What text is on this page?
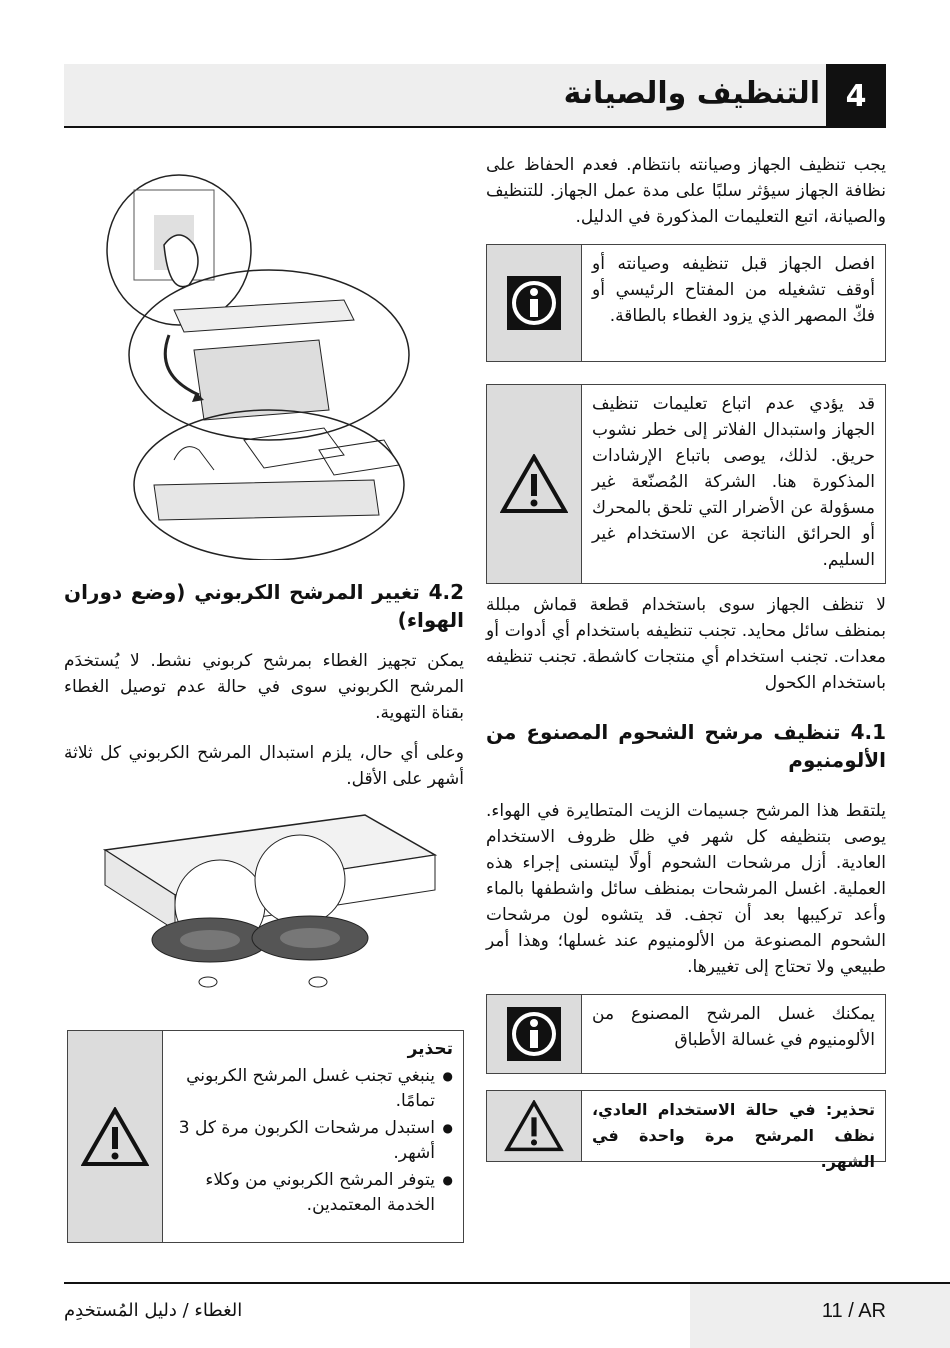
4
التنظيف والصيانة

يجب تنظيف الجهاز وصيانته بانتظام. فعدم الحفاظ على نظافة الجهاز سيؤثر سلبًا على مدة عمل الجهاز. للتنظيف والصيانة، اتبع التعليمات المذكورة في الدليل.

افصل الجهاز قبل تنظيفه وصيانته أو أوقف تشغيله من المفتاح الرئيسي أو فكّ المصهر الذي يزود الغطاء بالطاقة.
قد يؤدي عدم اتباع تعليمات تنظيف الجهاز واستبدال الفلاتر إلى خطر نشوب حريق. لذلك، يوصى باتباع الإرشادات المذكورة هنا. الشركة المُصنّعة غير مسؤولة عن الأضرار التي تلحق بالمحرك أو الحرائق الناتجة عن الاستخدام غير السليم.

لا تنظف الجهاز سوى باستخدام قطعة قماش مبللة بمنظف سائل محايد. تجنب تنظيفه باستخدام أي أدوات أو معدات. تجنب استخدام أي منتجات كاشطة. تجنب تنظيفه باستخدام الكحول

4.1 تنظيف مرشح الشحوم المصنوع من الألومنيوم

يلتقط هذا المرشح جسيمات الزيت المتطايرة في الهواء. يوصى بتنظيفه كل شهر في ظل ظروف الاستخدام العادية. أزل مرشحات الشحوم أولًا ليتسنى إجراء هذه العملية. اغسل المرشحات بمنظف سائل واشطفها بالماء وأعد تركيبها بعد أن تجف. قد يتشوه لون مرشحات الشحوم المصنوعة من الألومنيوم عند غسلها؛ وهذا أمر طبيعي ولا تحتاج إلى تغييرها.

يمكنك غسل المرشح المصنوع من الألومنيوم في غسالة الأطباق
تحذير: في حالة الاستخدام العادي، نظف المرشح مرة واحدة في الشهر.
4.2 تغيير المرشح الكربوني (وضع دوران الهواء)

يمكن تجهيز الغطاء بمرشح كربوني نشط. لا يُستخدَم المرشح الكربوني سوى في حالة عدم توصيل الغطاء بقناة التهوية.

وعلى أي حال، يلزم استبدال المرشح الكربوني كل ثلاثة أشهر على الأقل.

تحذير
● ينبغي تجنب غسل المرشح الكربوني تمامًا.
● استبدل مرشحات الكربون مرة كل 3 أشهر.
● يتوفر المرشح الكربوني من وكلاء الخدمة المعتمدين.
الغطاء / دليل المُستخدِم	11 / AR
